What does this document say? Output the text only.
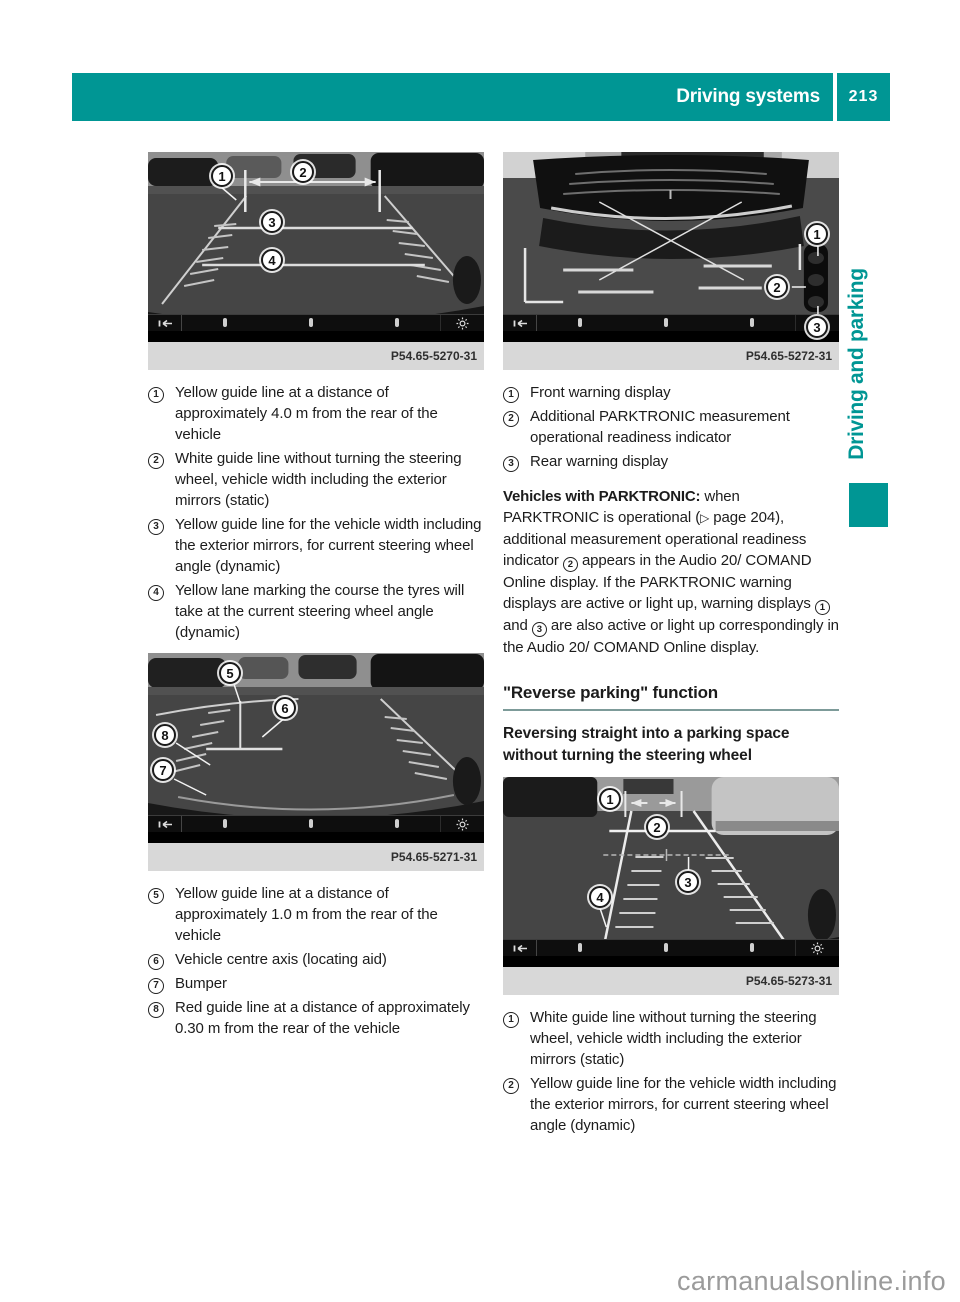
Driving systems	213
Driving and parking
1	2
3
4
P54.65-5270-31
1	Yellow guide line at a distance of approximately 4.0 m from the rear of the vehicle
2	White guide line without turning the steering wheel, vehicle width including the exterior mirrors (static)
3	Yellow guide line for the vehicle width including the exterior mirrors, for current steering wheel angle (dynamic)
4	Yellow lane marking the course the tyres will take at the current steering wheel angle (dynamic)
5
6
7
8
P54.65-5271-31
5	Yellow guide line at a distance of approximately 1.0 m from the rear of the vehicle
6	Vehicle centre axis (locating aid)
7	Bumper
8	Red guide line at a distance of approximately 0.30 m from the rear of the vehicle
1
2
3
P54.65-5272-31
1	Front warning display
2	Additional PARKTRONIC measurement operational readiness indicator
3	Rear warning display

Vehicles with PARKTRONIC: when PARKTRONIC is operational (▷ page 204), additional measurement operational readiness indicator 2 appears in the Audio 20/ COMAND Online display. If the PARKTRONIC warning displays are active or light up, warning displays 1 and 3 are also active or light up correspondingly in the Audio 20/ COMAND Online display.

"Reverse parking" function
Reversing straight into a parking space without turning the steering wheel
1
2
3
4
P54.65-5273-31
1	White guide line without turning the steering wheel, vehicle width including the exterior mirrors (static)
2	Yellow guide line for the vehicle width including the exterior mirrors, for current steering wheel angle (dynamic)
carmanualsonline.info
